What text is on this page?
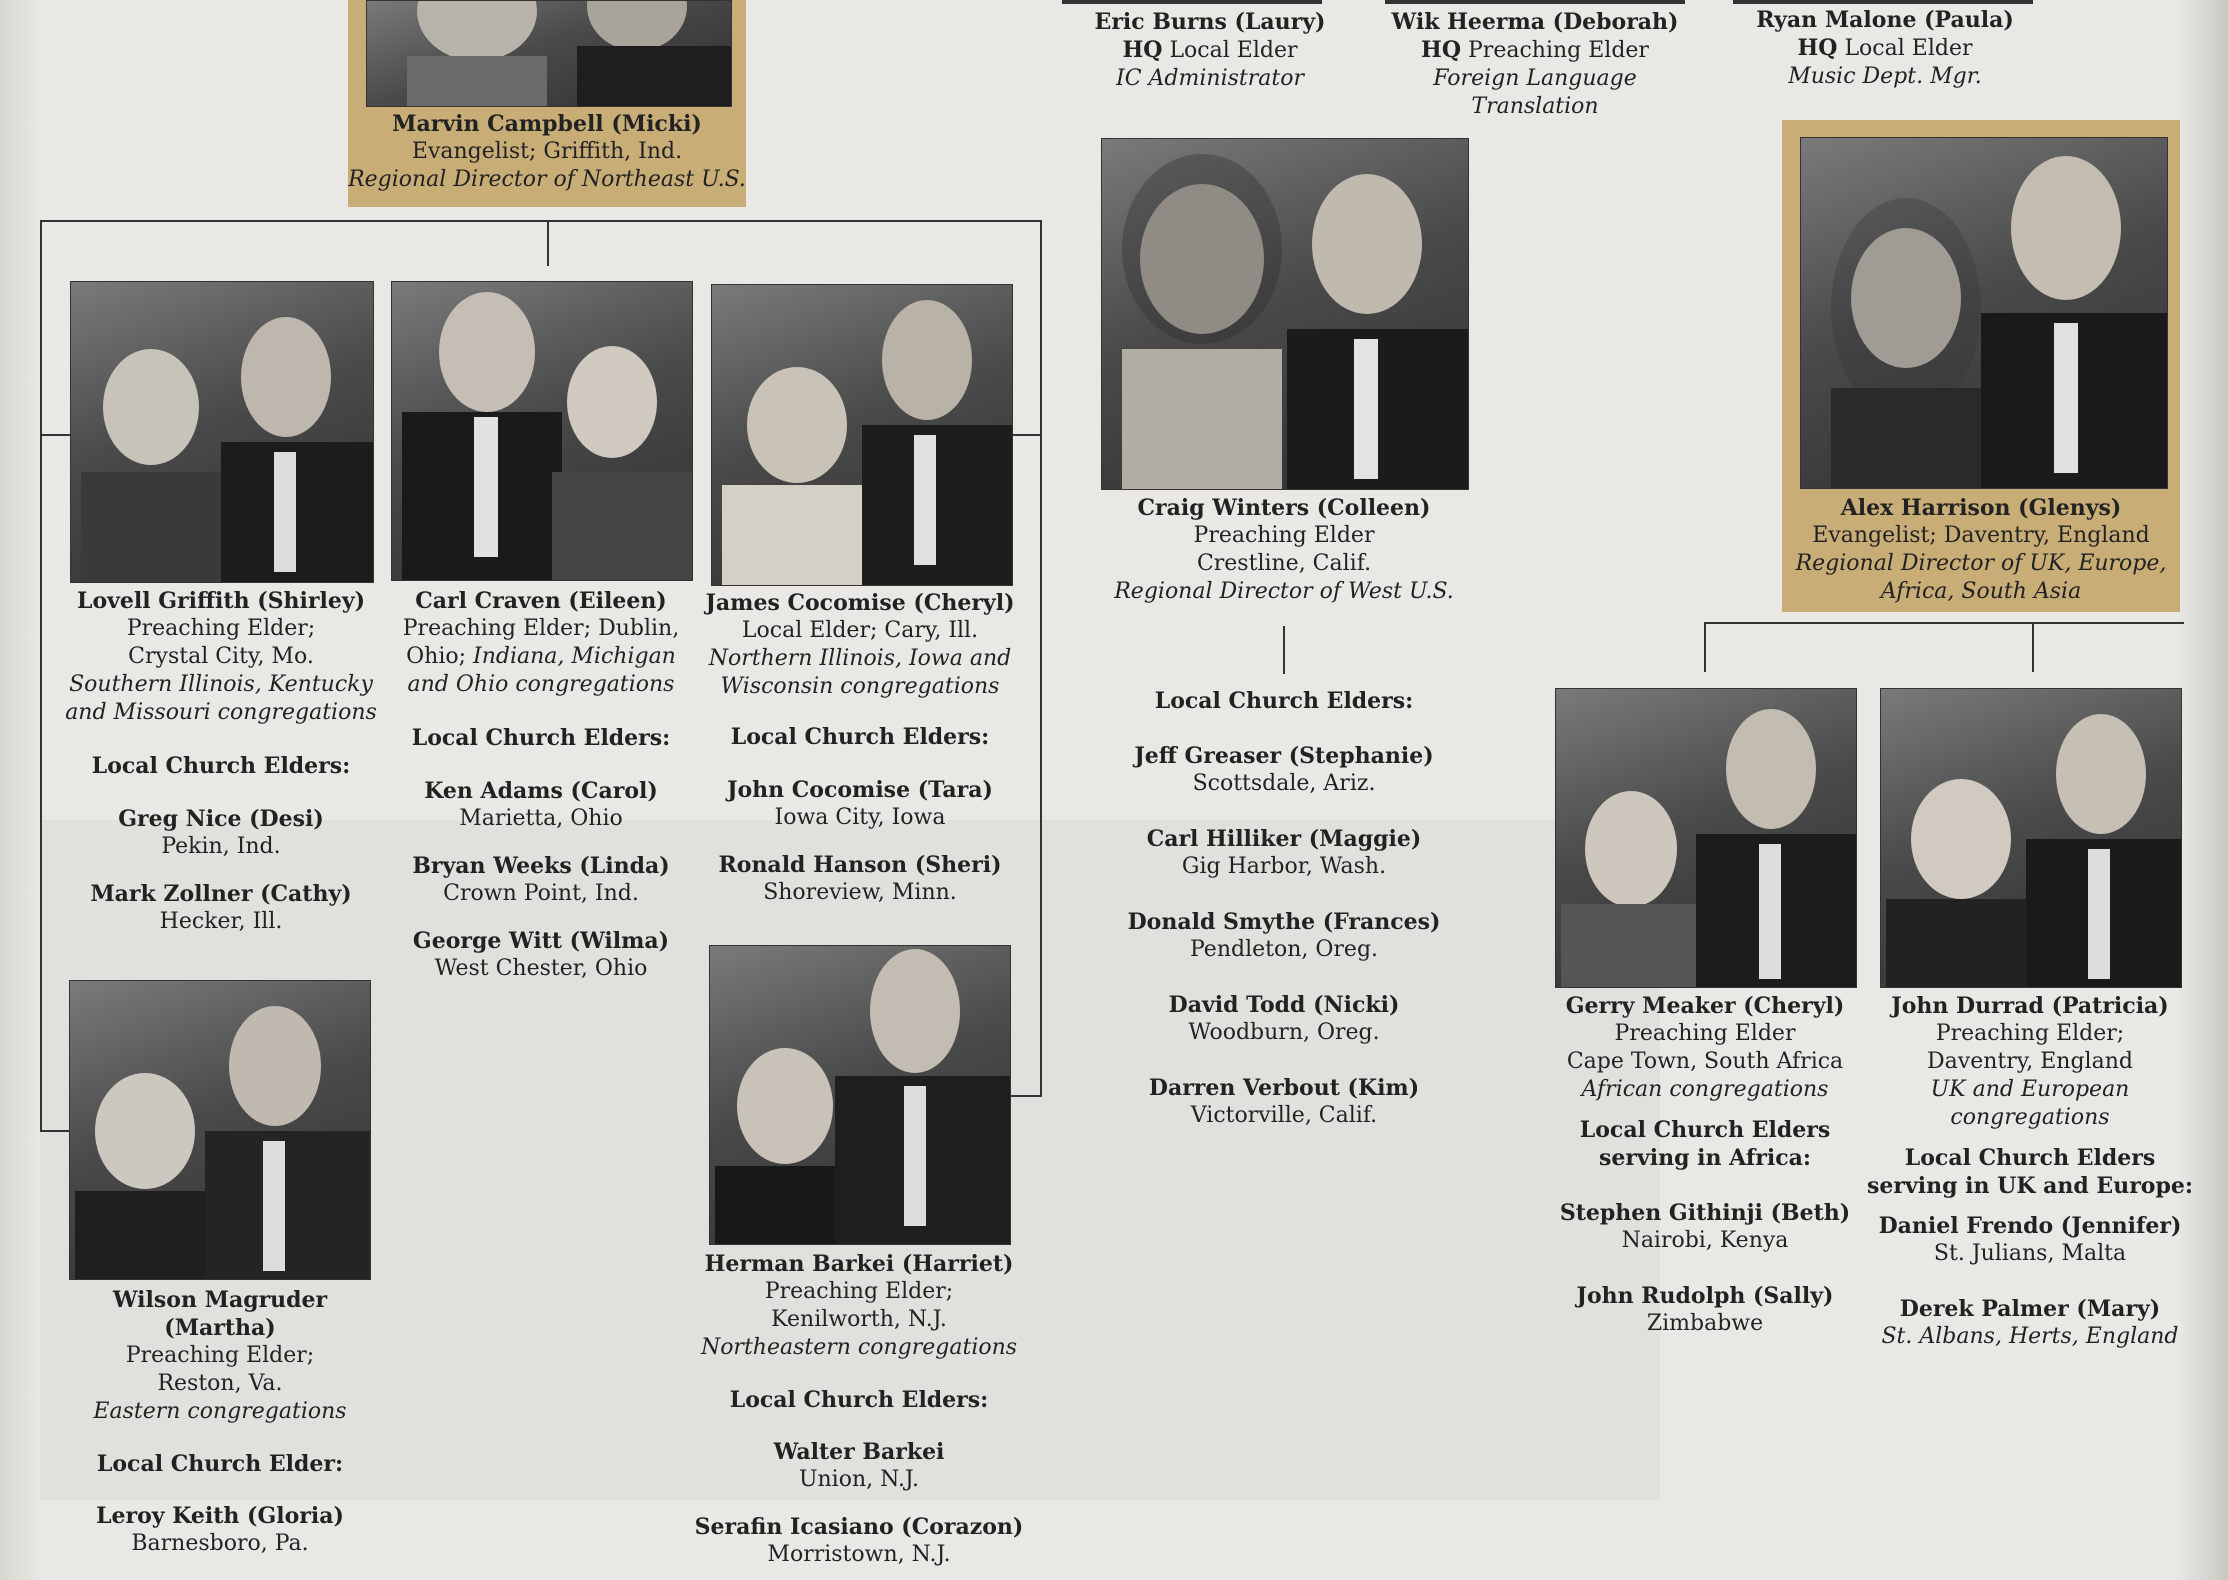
Eric Burns (Laury)
HQ Local Elder
IC Administrator
Wik Heerma (Deborah)
HQ Preaching Elder
Foreign Language Translation
Ryan Malone (Paula)
HQ Local Elder
Music Dept. Mgr.
Marvin Campbell (Micki)
Evangelist; Griffith, Ind.
Regional Director of Northeast U.S.
Lovell Griffith (Shirley)
Preaching Elder;
Crystal City, Mo.
Southern Illinois, Kentucky
and Missouri congregations
Local Church Elders:
Greg Nice (Desi)
Pekin, Ind.
Mark Zollner (Cathy)
Hecker, Ill.
Carl Craven (Eileen)
Preaching Elder; Dublin,
Ohio; Indiana, Michigan
and Ohio congregations
Local Church Elders:
Ken Adams (Carol)
Marietta, Ohio
Bryan Weeks (Linda)
Crown Point, Ind.
George Witt (Wilma)
West Chester, Ohio
James Cocomise (Cheryl)
Local Elder; Cary, Ill.
Northern Illinois, Iowa and
Wisconsin congregations
Local Church Elders:
John Cocomise (Tara)
Iowa City, Iowa
Ronald Hanson (Sheri)
Shoreview, Minn.
Wilson Magruder (Martha)
Preaching Elder;
Reston, Va.
Eastern congregations
Local Church Elder:
Leroy Keith (Gloria)
Barnesboro, Pa.
Herman Barkei (Harriet)
Preaching Elder;
Kenilworth, N.J.
Northeastern congregations
Local Church Elders:
Walter Barkei
Union, N.J.
Serafin Icasiano (Corazon)
Morristown, N.J.
Craig Winters (Colleen)
Preaching Elder
Crestline, Calif.
Regional Director of West U.S.
Local Church Elders:
Jeff Greaser (Stephanie)
Scottsdale, Ariz.
Carl Hilliker (Maggie)
Gig Harbor, Wash.
Donald Smythe (Frances)
Pendleton, Oreg.
David Todd (Nicki)
Woodburn, Oreg.
Darren Verbout (Kim)
Victorville, Calif.
Alex Harrison (Glenys)
Evangelist; Daventry, England
Regional Director of UK, Europe,
Africa, South Asia
Gerry Meaker (Cheryl)
Preaching Elder
Cape Town, South Africa
African congregations
Local Church Elders
serving in Africa:
Stephen Githinji (Beth)
Nairobi, Kenya
John Rudolph (Sally)
Zimbabwe
John Durrad (Patricia)
Preaching Elder;
Daventry, England
UK and European
congregations
Local Church Elders
serving in UK and Europe:
Daniel Frendo (Jennifer)
St. Julians, Malta
Derek Palmer (Mary)
St. Albans, Herts, England
